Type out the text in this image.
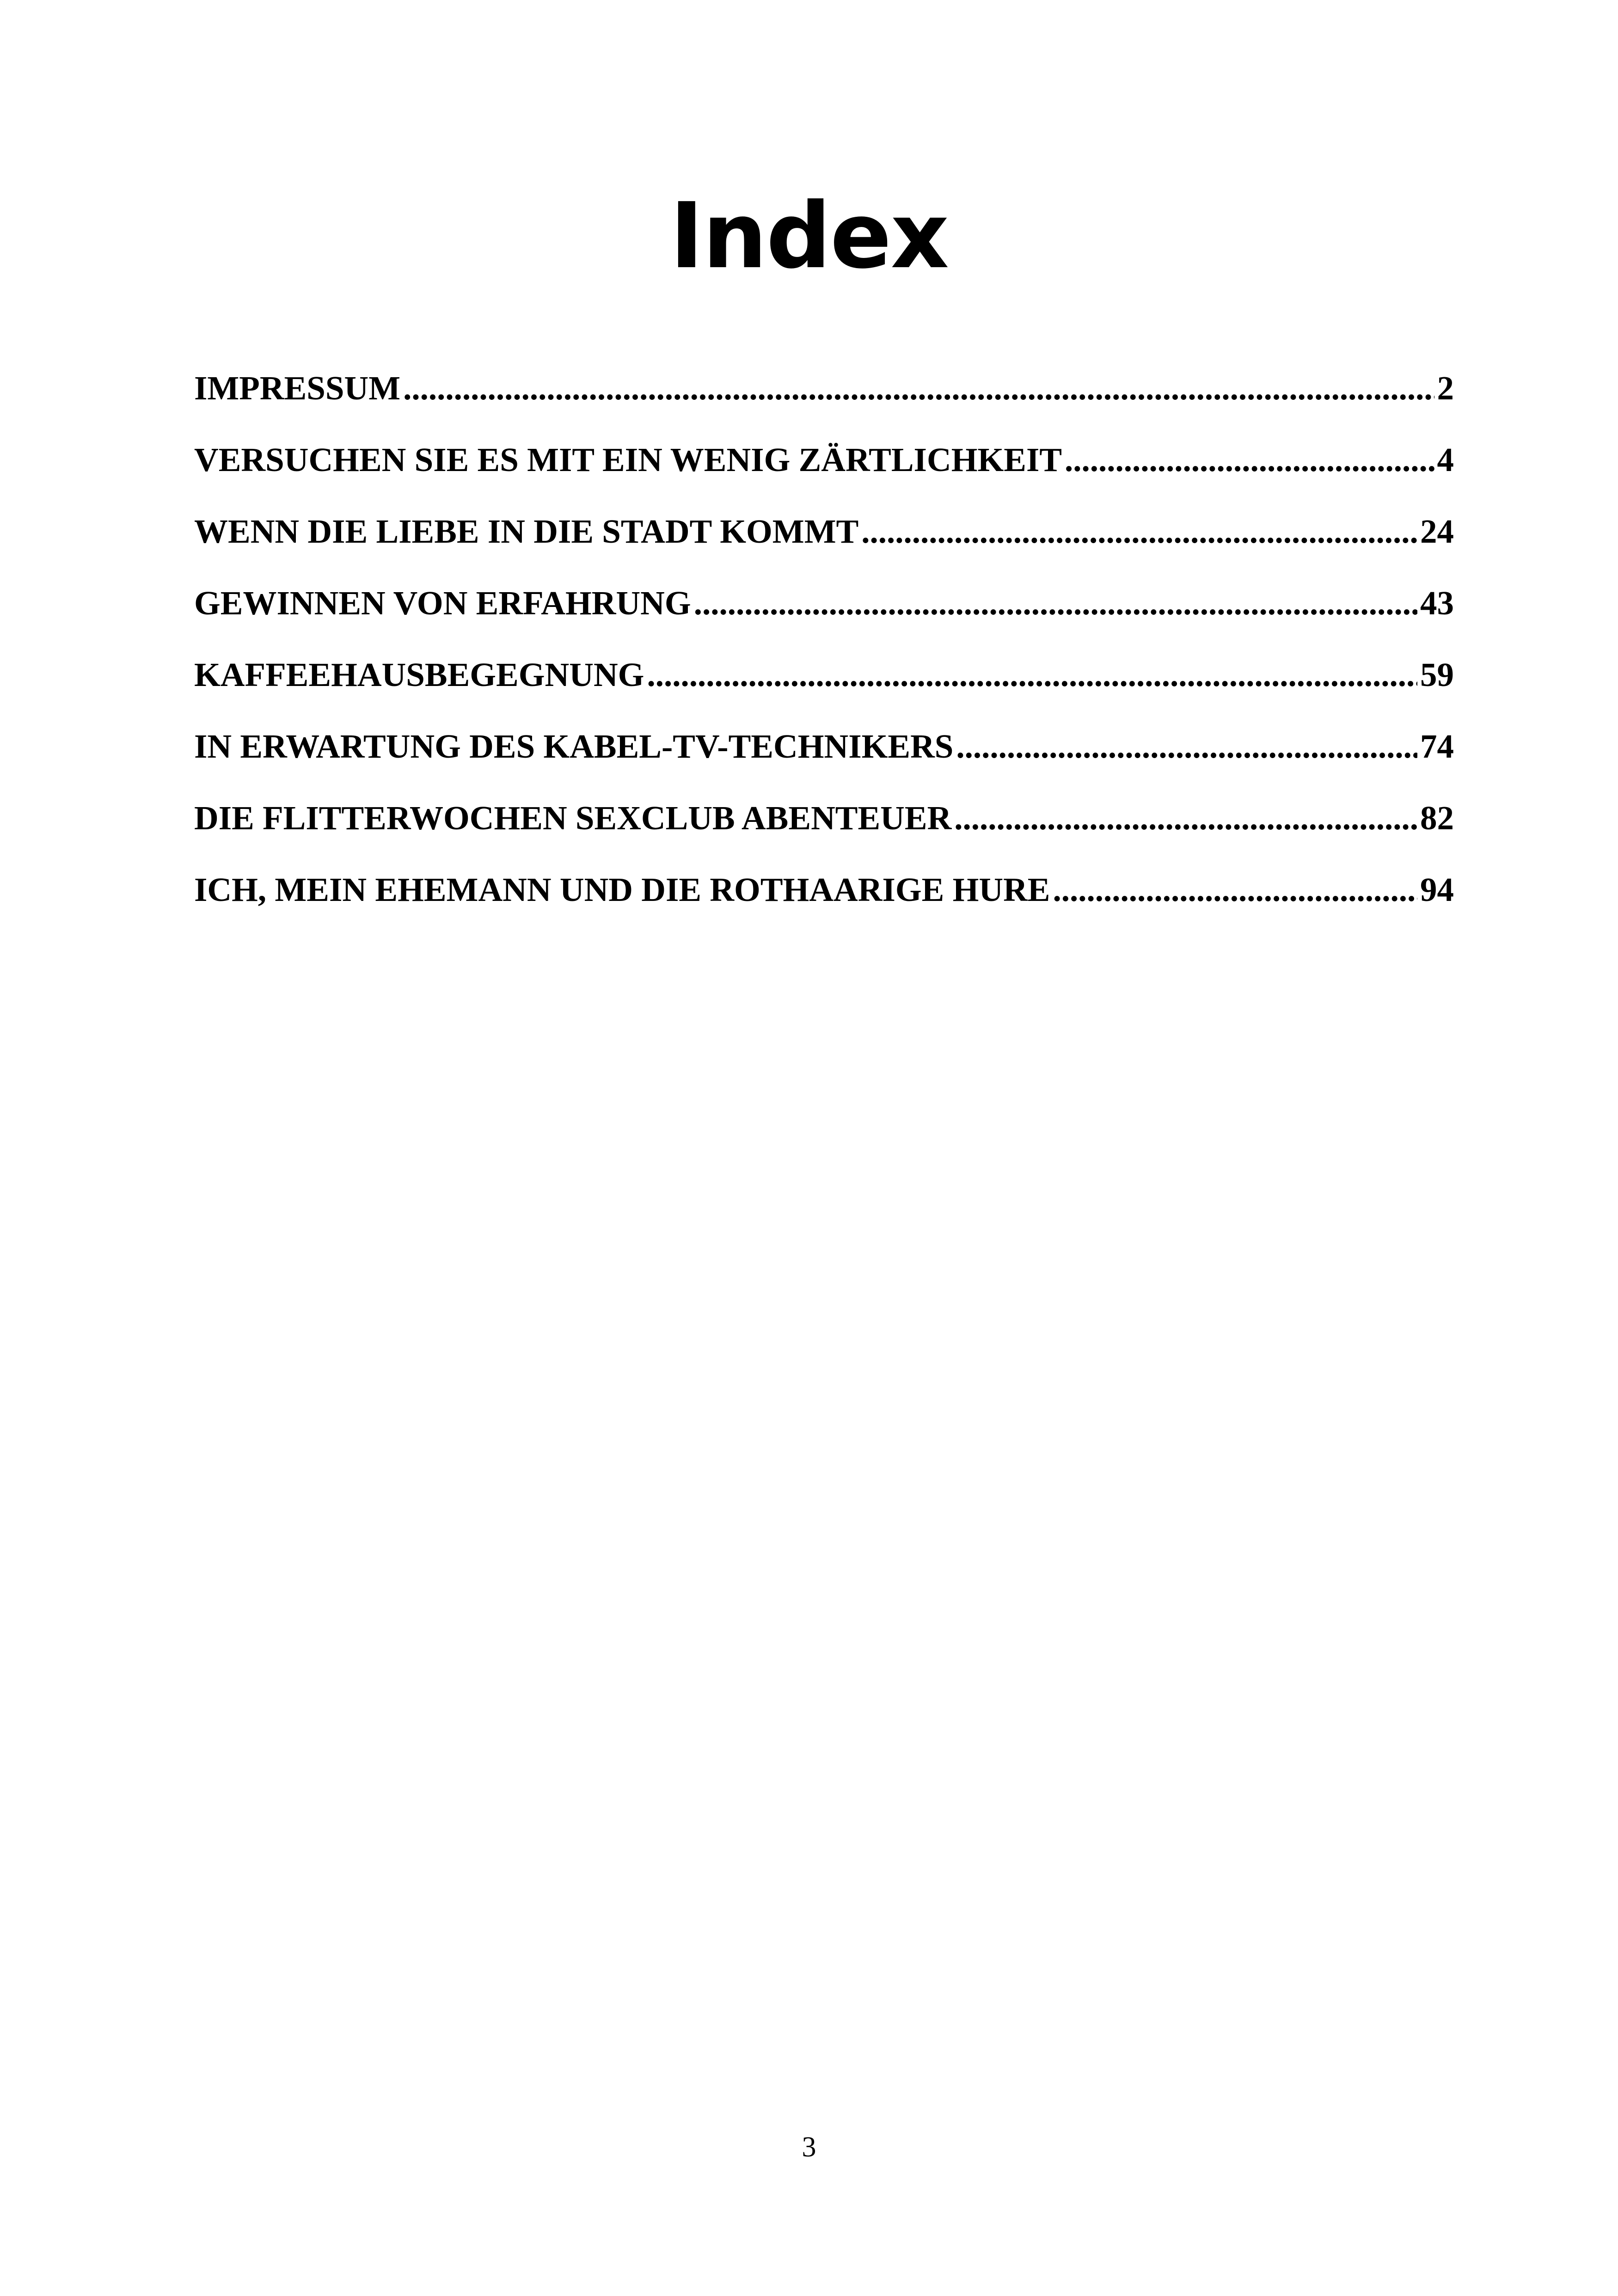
Index
IMPRESSUM .....	2
VERSUCHEN SIE ES MIT EIN WENIG ZÄRTLICHKEIT .....	4
WENN DIE LIEBE IN DIE STADT KOMMT .....	24
GEWINNEN VON ERFAHRUNG .....	43
KAFFEEHAUSBEGEGNUNG .....	59
IN ERWARTUNG DES KABEL-TV-TECHNIKERS .....	74
DIE FLITTERWOCHEN SEXCLUB ABENTEUER .....	82
ICH, MEIN EHEMANN UND DIE ROTHAARIGE HURE .....	94
3
